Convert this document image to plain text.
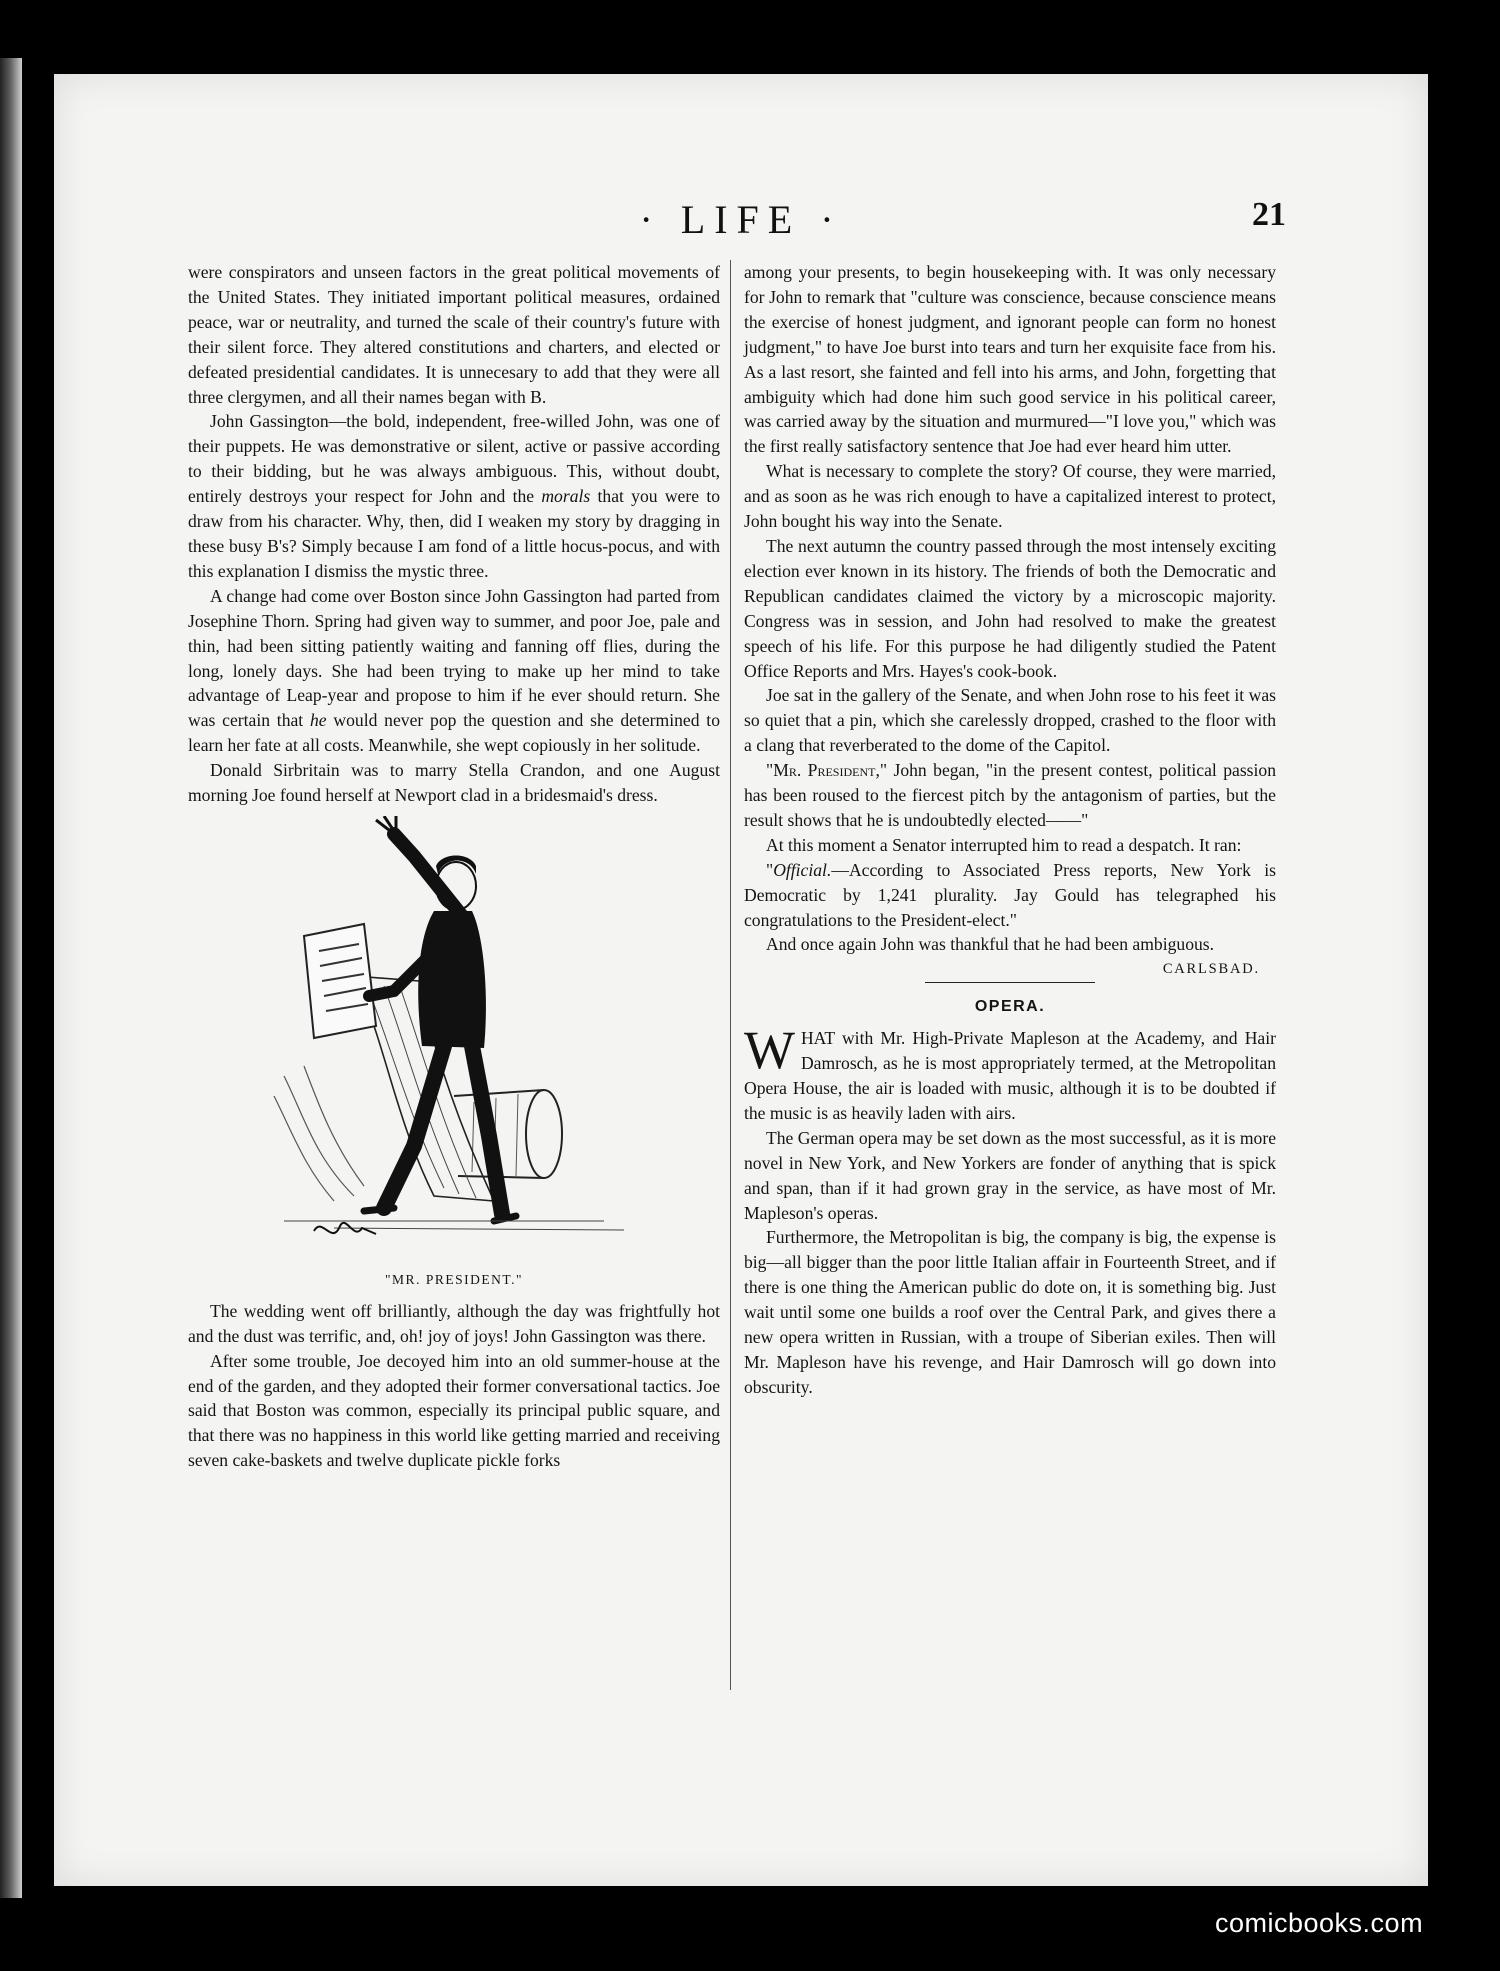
· LIFE ·	21

were conspirators and unseen factors in the great political movements of the United States. They initiated important political measures, ordained peace, war or neutrality, and turned the scale of their country's future with their silent force. They altered constitutions and charters, and elected or defeated presidential candidates. It is unnecesary to add that they were all three clergymen, and all their names began with B.

John Gassington—the bold, independent, free-willed John, was one of their puppets. He was demonstrative or silent, active or passive according to their bidding, but he was always ambiguous. This, without doubt, entirely destroys your respect for John and the morals that you were to draw from his character. Why, then, did I weaken my story by dragging in these busy B's? Simply because I am fond of a little hocus-pocus, and with this explanation I dismiss the mystic three.

A change had come over Boston since John Gassington had parted from Josephine Thorn. Spring had given way to summer, and poor Joe, pale and thin, had been sitting patiently waiting and fanning off flies, during the long, lonely days. She had been trying to make up her mind to take advantage of Leap-year and propose to him if he ever should return. She was certain that he would never pop the question and she determined to learn her fate at all costs. Meanwhile, she wept copiously in her solitude.

Donald Sirbritain was to marry Stella Crandon, and one August morning Joe found herself at Newport clad in a bridesmaid's dress.

"MR. PRESIDENT."

The wedding went off brilliantly, although the day was frightfully hot and the dust was terrific, and, oh! joy of joys! John Gassington was there.

After some trouble, Joe decoyed him into an old summer-house at the end of the garden, and they adopted their former conversational tactics. Joe said that Boston was common, especially its principal public square, and that there was no happiness in this world like getting married and receiving seven cake-baskets and twelve duplicate pickle forks

among your presents, to begin housekeeping with. It was only necessary for John to remark that "culture was conscience, because conscience means the exercise of honest judgment, and ignorant people can form no honest judgment," to have Joe burst into tears and turn her exquisite face from his. As a last resort, she fainted and fell into his arms, and John, forgetting that ambiguity which had done him such good service in his political career, was carried away by the situation and murmured—"I love you," which was the first really satisfactory sentence that Joe had ever heard him utter.

What is necessary to complete the story? Of course, they were married, and as soon as he was rich enough to have a capitalized interest to protect, John bought his way into the Senate.

The next autumn the country passed through the most intensely exciting election ever known in its history. The friends of both the Democratic and Republican candidates claimed the victory by a microscopic majority. Congress was in session, and John had resolved to make the greatest speech of his life. For this purpose he had diligently studied the Patent Office Reports and Mrs. Hayes's cook-book.

Joe sat in the gallery of the Senate, and when John rose to his feet it was so quiet that a pin, which she carelessly dropped, crashed to the floor with a clang that reverberated to the dome of the Capitol.

"Mr. President," John began, "in the present contest, political passion has been roused to the fiercest pitch by the antagonism of parties, but the result shows that he is undoubtedly elected——"

At this moment a Senator interrupted him to read a despatch. It ran:

"Official.—According to Associated Press reports, New York is Democratic by 1,241 plurality. Jay Gould has telegraphed his congratulations to the President-elect."

And once again John was thankful that he had been ambiguous.
CARLSBAD.

OPERA.

WHAT with Mr. High-Private Mapleson at the Academy, and Hair Damrosch, as he is most appropriately termed, at the Metropolitan Opera House, the air is loaded with music, although it is to be doubted if the music is as heavily laden with airs.

The German opera may be set down as the most successful, as it is more novel in New York, and New Yorkers are fonder of anything that is spick and span, than if it had grown gray in the service, as have most of Mr. Mapleson's operas.

Furthermore, the Metropolitan is big, the company is big, the expense is big—all bigger than the poor little Italian affair in Fourteenth Street, and if there is one thing the American public do dote on, it is something big. Just wait until some one builds a roof over the Central Park, and gives there a new opera written in Russian, with a troupe of Siberian exiles. Then will Mr. Mapleson have his revenge, and Hair Damrosch will go down into obscurity.

comicbooks.com
